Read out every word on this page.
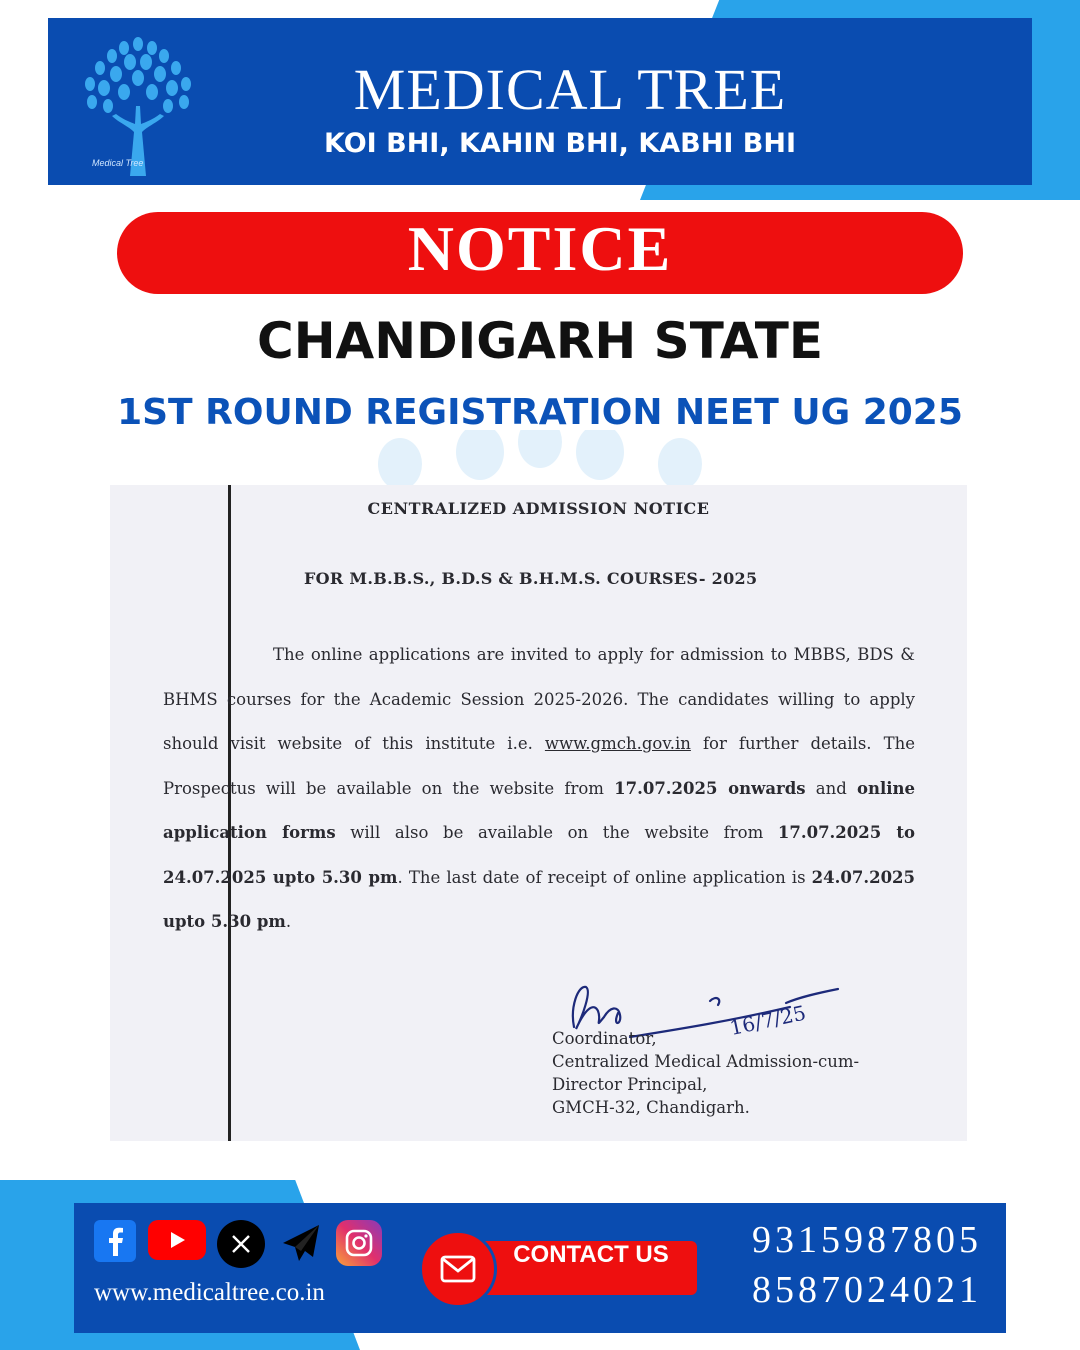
Medical Tree
MEDICAL TREE
KOI BHI, KAHIN BHI, KABHI BHI
NOTICE
CHANDIGARH STATE
1ST ROUND REGISTRATION NEET UG 2025
CENTRALIZED ADMISSION NOTICE
FOR M.B.B.S., B.D.S & B.H.M.S. COURSES- 2025
The online applications are invited to apply for admission to MBBS, BDS & BHMS courses for the Academic Session 2025-2026. The candidates willing to apply should visit website of this institute i.e. www.gmch.gov.in for further details. The Prospectus will be available on the website from 17.07.2025 onwards and online application forms will also be available on the website from 17.07.2025 to 24.07.2025 upto 5.30 pm. The last date of receipt of online application is 24.07.2025 upto 5.30 pm.
16/7/25
Coordinator,
Centralized Medical Admission-cum-
Director Principal,
GMCH-32, Chandigarh.
www.medicaltree.co.in
CONTACT US	9315987805
8587024021
